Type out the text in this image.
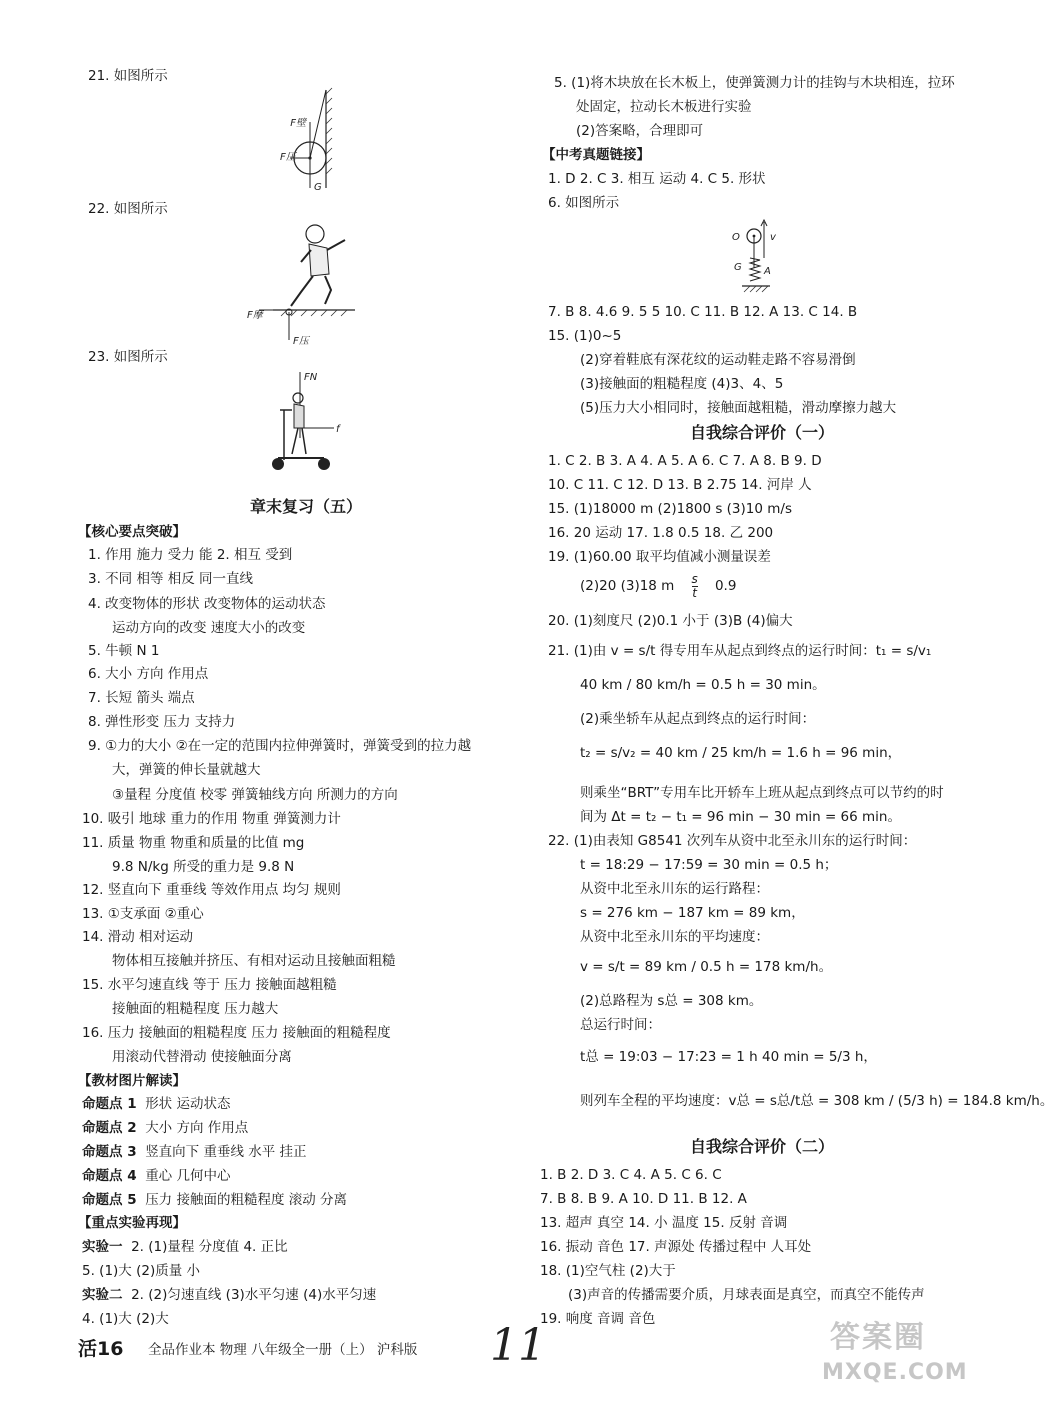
21. 如图所示
F壁
F压
G
22. 如图所示
F摩
F压
23. 如图所示
FN
f
章末复习（五）
【核心要点突破】
1. 作用 施力 受力 能 2. 相互 受到
3. 不同 相等 相反 同一直线
4. 改变物体的形状 改变物体的运动状态
运动方向的改变 速度大小的改变
5. 牛顿 N 1
6. 大小 方向 作用点
7. 长短 箭头 端点
8. 弹性形变 压力 支持力
9. ①力的大小 ②在一定的范围内拉伸弹簧时，弹簧受到的拉力越
大，弹簧的伸长量就越大
③量程 分度值 校零 弹簧轴线方向 所测力的方向
10. 吸引 地球 重力的作用 物重 弹簧测力计
11. 质量 物重 物重和质量的比值 mg
9.8 N/kg 所受的重力是 9.8 N
12. 竖直向下 重垂线 等效作用点 均匀 规则
13. ①支承面 ②重心
14. 滑动 相对运动
物体相互接触并挤压、有相对运动且接触面粗糙
15. 水平匀速直线 等于 压力 接触面越粗糙
接触面的粗糙程度 压力越大
16. 压力 接触面的粗糙程度 压力 接触面的粗糙程度
用滚动代替滑动 使接触面分离
【教材图片解读】
命题点 1 形状 运动状态
命题点 2 大小 方向 作用点
命题点 3 竖直向下 重垂线 水平 挂正
命题点 4 重心 几何中心
命题点 5 压力 接触面的粗糙程度 滚动 分离
【重点实验再现】
实验一 2. (1)量程 分度值 4. 正比
5. (1)大 (2)质量 小
实验二 2. (2)匀速直线 (3)水平匀速 (4)水平匀速
4. (1)大 (2)大
5. (1)将木块放在长木板上，使弹簧测力计的挂钩与木块相连，拉环
处固定，拉动长木板进行实验
(2)答案略，合理即可
【中考真题链接】
1. D 2. C 3. 相互 运动 4. C 5. 形状
6. 如图所示
O	v
G A
7. B 8. 4.6 9. 5 5 10. C 11. B 12. A 13. C 14. B
15. (1)0~5
(2)穿着鞋底有深花纹的运动鞋走路不容易滑倒
(3)接触面的粗糙程度 (4)3、4、5
(5)压力大小相同时，接触面越粗糙，滑动摩擦力越大
自我综合评价（一）
1. C 2. B 3. A 4. A 5. A 6. C 7. A 8. B 9. D
10. C 11. C 12. D 13. B 2.75 14. 河岸 人
15. (1)18000 m (2)1800 s (3)10 m/s
16. 20 运动 17. 1.8 0.5 18. 乙 200
19. (1)60.00 取平均值减小测量误差
(2)20 (3)18 m $\frac{s}{t} 0.9$
20. (1)刻度尺 (2)0.1 小于 (3)B (4)偏大
21. (1)由 v = s/t 得专用车从起点到终点的运行时间：t₁ = s/v₁
40 km / 80 km/h = 0.5 h = 30 min。
(2)乘坐轿车从起点到终点的运行时间：
t₂ = s/v₂ = 40 km / 25 km/h = 1.6 h = 96 min，
则乘坐“BRT”专用车比开轿车上班从起点到终点可以节约的时
间为 Δt = t₂ − t₁ = 96 min − 30 min = 66 min。
22. (1)由表知 G8541 次列车从资中北至永川东的运行时间：
t = 18:29 − 17:59 = 30 min = 0.5 h；
从资中北至永川东的运行路程：
s = 276 km − 187 km = 89 km，
从资中北至永川东的平均速度：
v = s/t = 89 km / 0.5 h = 178 km/h。
(2)总路程为 s总 = 308 km。
总运行时间：
t总 = 19:03 − 17:23 = 1 h 40 min = 5/3 h，
则列车全程的平均速度：v总 = s总/t总 = 308 km / (5/3 h) = 184.8 km/h。
自我综合评价（二）
1. B 2. D 3. C 4. A 5. C 6. C
7. B 8. B 9. A 10. D 11. B 12. A
13. 超声 真空 14. 小 温度 15. 反射 音调
16. 振动 音色 17. 声源处 传播过程中 人耳处
18. (1)空气柱 (2)大于
(3)声音的传播需要介质，月球表面是真空，而真空不能传声
19. 响度 音调 音色
活16 全品作业本 物理 八年级全一册（上） 沪科版 11	答案圈
MXQE.COM
